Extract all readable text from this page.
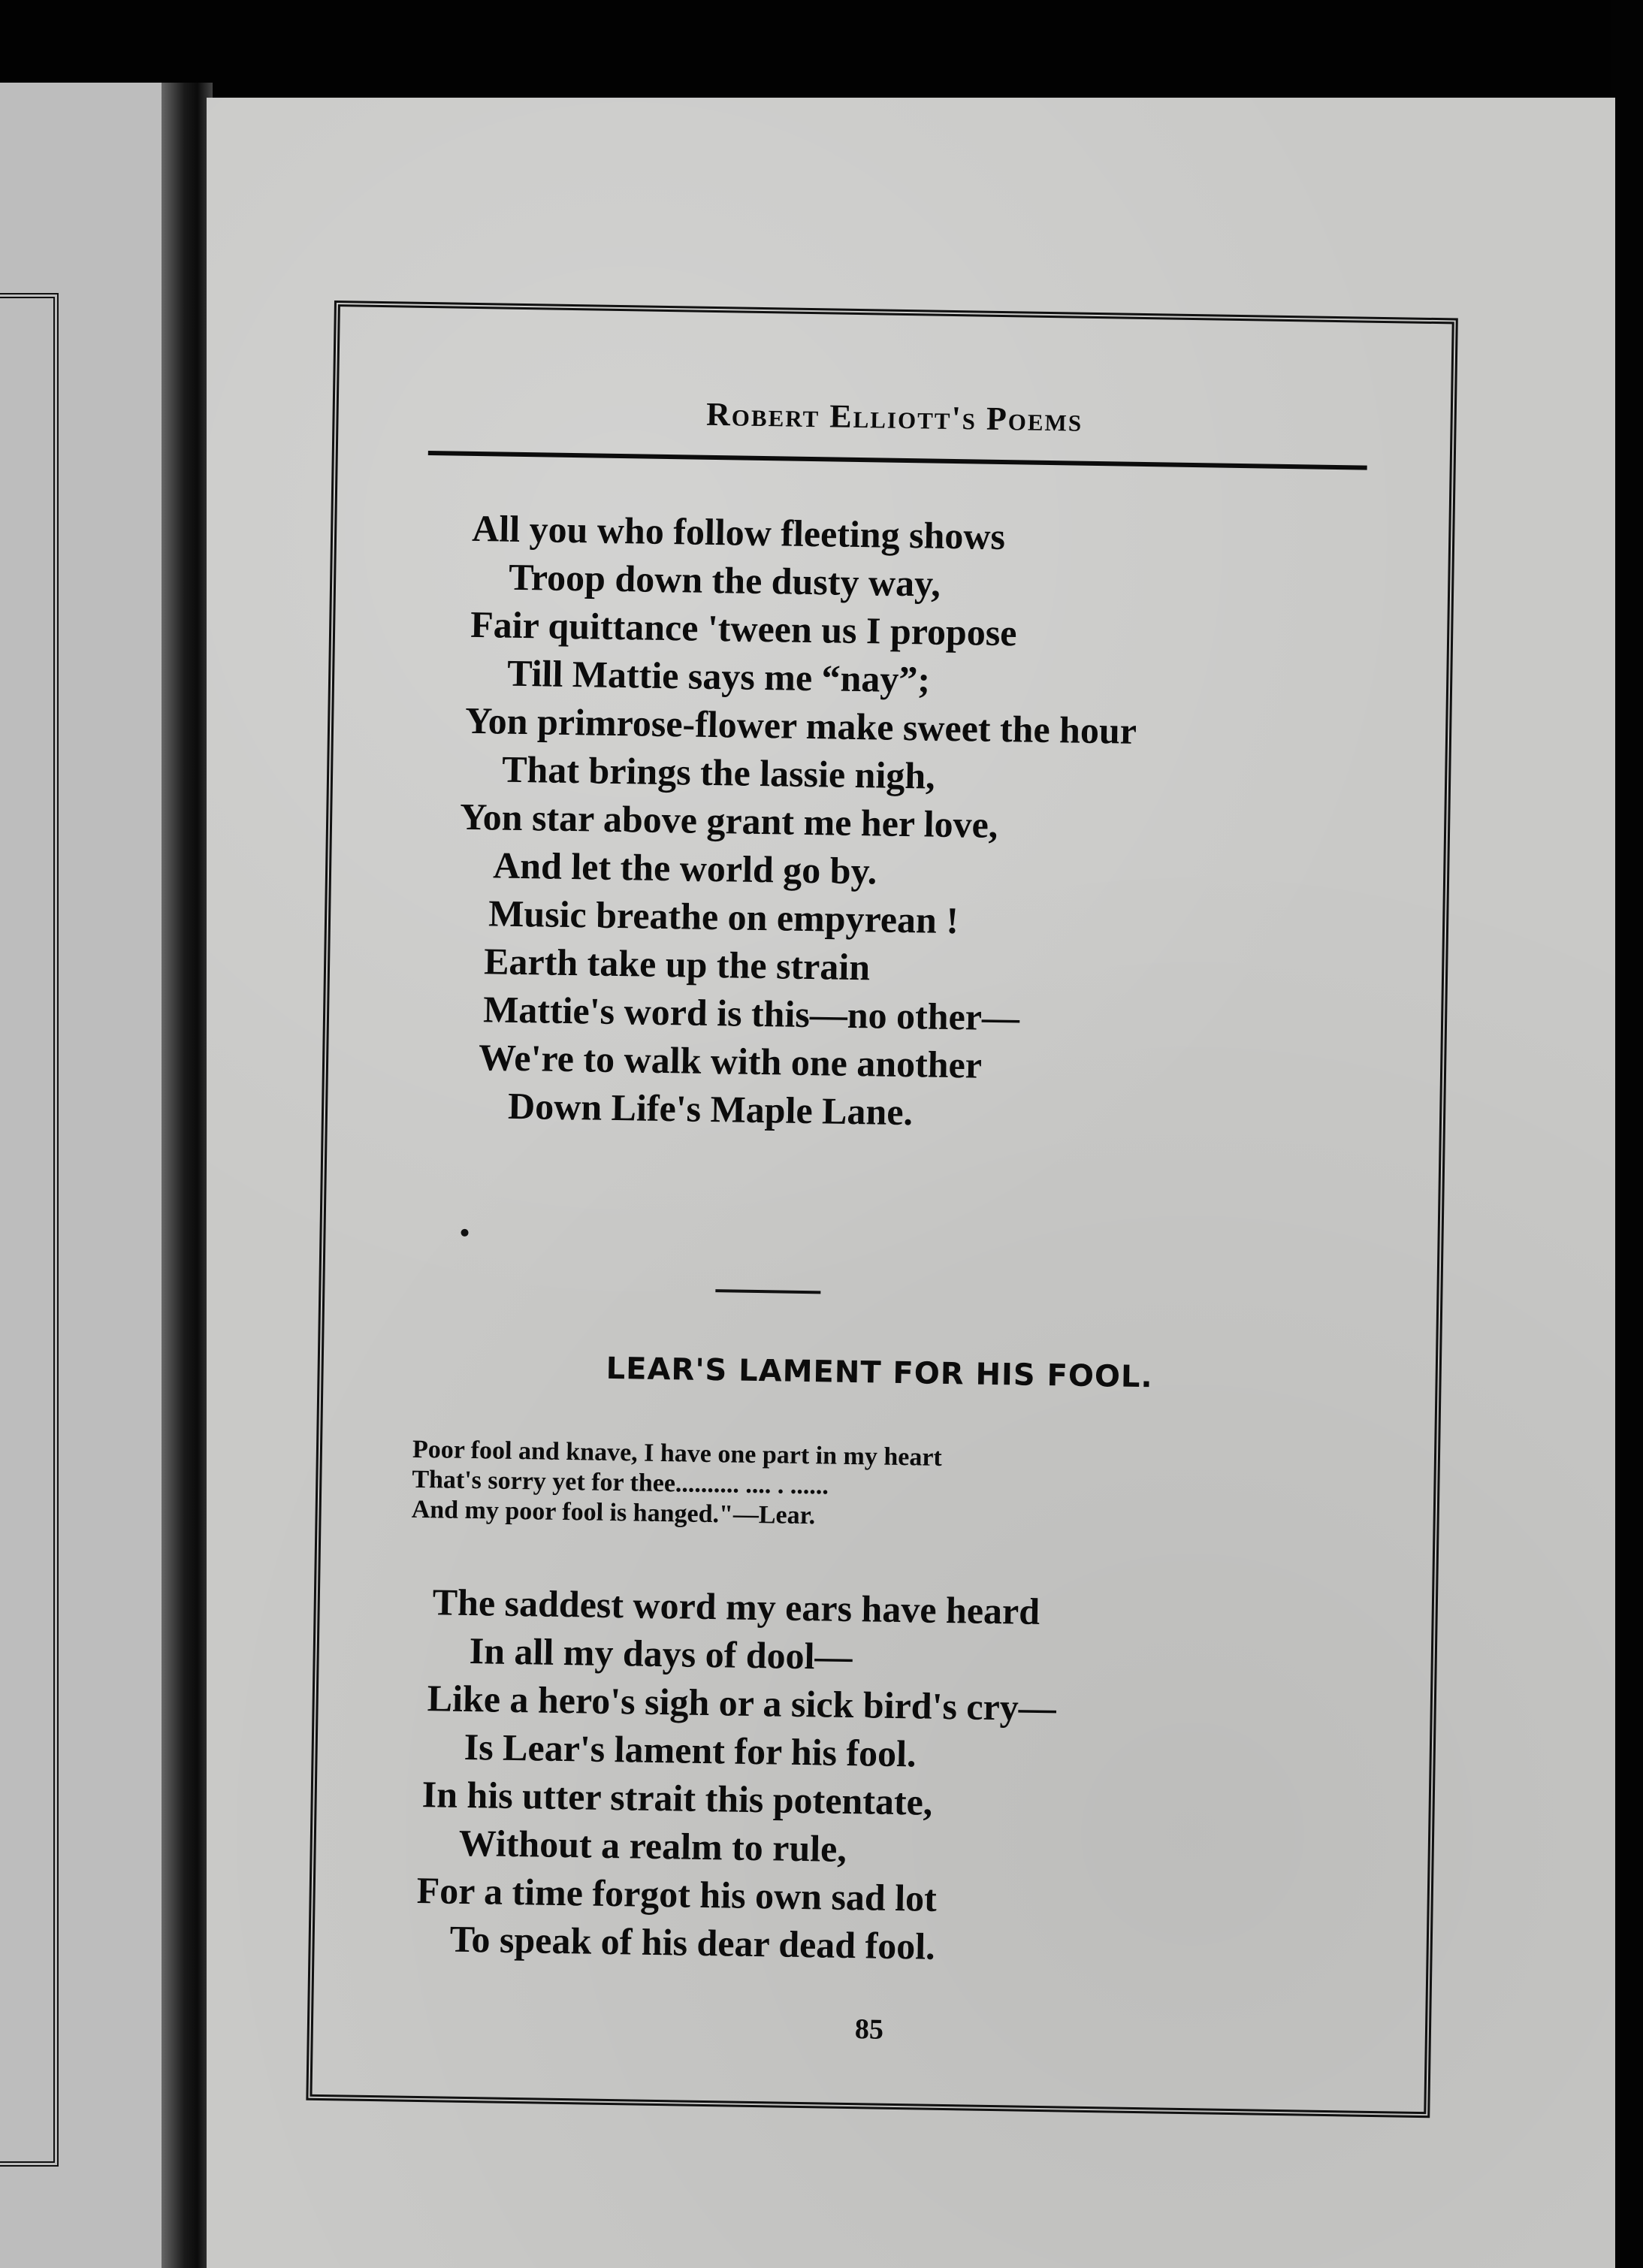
Robert Elliott's Poems
All you who follow fleeting shows
Troop down the dusty way,
Fair quittance 'tween us I propose
Till Mattie says me “nay”;
Yon primrose-flower make sweet the hour
That brings the lassie nigh,
Yon star above grant me her love,
And let the world go by.
Music breathe on empyrean !
Earth take up the strain
Mattie's word is this—no other—
We're to walk with one another
Down Life's Maple Lane.
LEAR'S LAMENT FOR HIS FOOL.
Poor fool and knave, I have one part in my heart
That's sorry yet for thee.......... .... . ......
And my poor fool is hanged."—Lear.
The saddest word my ears have heard
In all my days of dool—
Like a hero's sigh or a sick bird's cry—
Is Lear's lament for his fool.
In his utter strait this potentate,
Without a realm to rule,
For a time forgot his own sad lot
To speak of his dear dead fool.
85
